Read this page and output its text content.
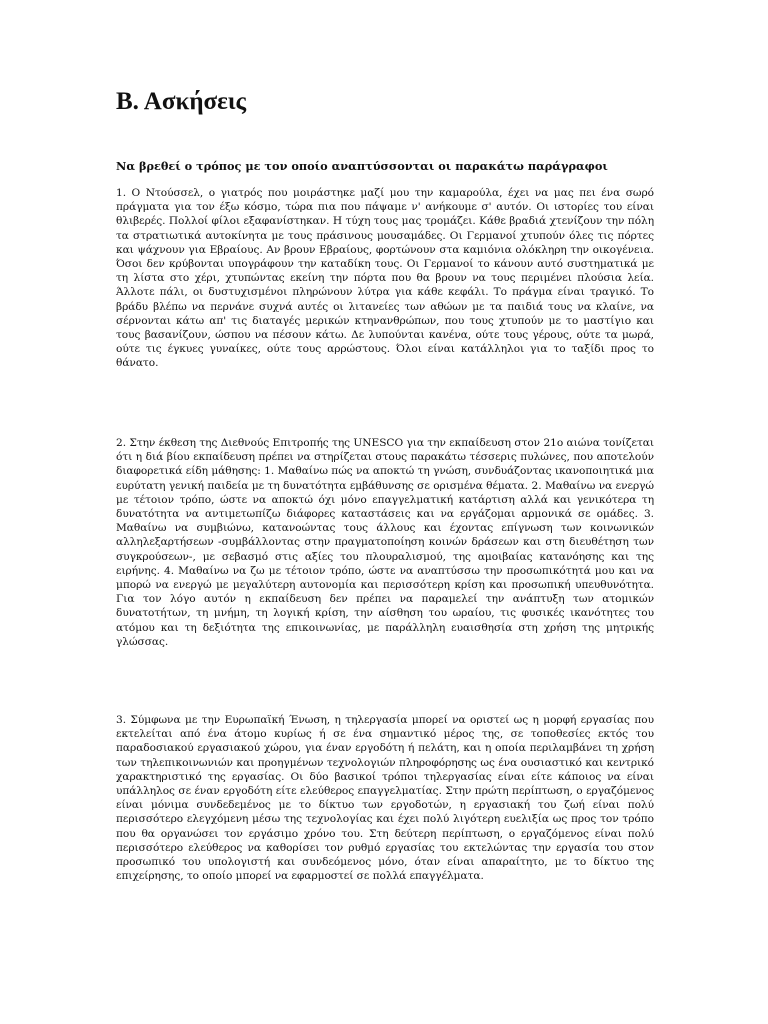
Β. Ασκήσεις

Να βρεθεί ο τρόπος με τον οποίο αναπτύσσονται οι παρακάτω παράγραφοι

1. Ο Ντούσσελ, ο γιατρός που μοιράστηκε μαζί μου την καμαρούλα, έχει να μας πει ένα σωρό πράγματα για τον έξω κόσμο, τώρα πια που πάψαμε ν' ανήκουμε σ' αυτόν. Οι ιστορίες του είναι θλιβερές. Πολλοί φίλοι εξαφανίστηκαν. Η τύχη τους μας τρομάζει. Κάθε βραδιά χτενίζουν την πόλη τα στρατιωτικά αυτοκίνητα με τους πράσινους μουσαμάδες. Οι Γερμανοί χτυπούν όλες τις πόρτες και ψάχνουν για Εβραίους. Αν βρουν Εβραίους, φορτώνουν στα καμιόνια ολόκληρη την οικογένεια. Όσοι δεν κρύβονται υπογράφουν την καταδίκη τους. Οι Γερμανοί το κάνουν αυτό συστηματικά με τη λίστα στο χέρι, χτυπώντας εκείνη την πόρτα που θα βρουν να τους περιμένει πλούσια λεία. Άλλοτε πάλι, οι δυστυχισμένοι πληρώνουν λύτρα για κάθε κεφάλι. Το πράγμα είναι τραγικό. Το βράδυ βλέπω να περνάνε συχνά αυτές οι λιτανείες των αθώων με τα παιδιά τους να κλαίνε, να σέρνονται κάτω απ' τις διαταγές μερικών κτηνανθρώπων, που τους χτυπούν με το μαστίγιο και τους βασανίζουν, ώσπου να πέσουν κάτω. Δε λυπούνται κανένα, ούτε τους γέρους, ούτε τα μωρά, ούτε τις έγκυες γυναίκες, ούτε τους αρρώστους. Όλοι είναι κατάλληλοι για το ταξίδι προς το θάνατο.

2. Στην έκθεση της Διεθνούς Επιτροπής της UNESCO για την εκπαίδευση στον 21ο αιώνα τονίζεται ότι η διά βίου εκπαίδευση πρέπει να στηρίζεται στους παρακάτω τέσσερις πυλώνες, που αποτελούν διαφορετικά είδη μάθησης: 1. Μαθαίνω πώς να αποκτώ τη γνώση, συνδυάζοντας ικανοποιητικά μια ευρύτατη γενική παιδεία με τη δυνατότητα εμβάθυνσης σε ορισμένα θέματα. 2. Μαθαίνω να ενεργώ με τέτοιον τρόπο, ώστε να αποκτώ όχι μόνο επαγγελματική κατάρτιση αλλά και γενικότερα τη δυνατότητα να αντιμετωπίζω διάφορες καταστάσεις και να εργάζομαι αρμονικά σε ομάδες. 3. Μαθαίνω να συμβιώνω, κατανοώντας τους άλλους και έχοντας επίγνωση των κοινωνικών αλληλεξαρτήσεων -συμβάλλοντας στην πραγματοποίηση κοινών δράσεων και στη διευθέτηση των συγκρούσεων-, με σεβασμό στις αξίες του πλουραλισμού, της αμοιβαίας κατανόησης και της ειρήνης. 4. Μαθαίνω να ζω με τέτοιον τρόπο, ώστε να αναπτύσσω την προσωπικότητά μου και να μπορώ να ενεργώ με μεγαλύτερη αυτονομία και περισσότερη κρίση και προσωπική υπευθυνότητα. Για τον λόγο αυτόν η εκπαίδευση δεν πρέπει να παραμελεί την ανάπτυξη των ατομικών δυνατοτήτων, τη μνήμη, τη λογική κρίση, την αίσθηση του ωραίου, τις φυσικές ικανότητες του ατόμου και τη δεξιότητα της επικοινωνίας, με παράλληλη ευαισθησία στη χρήση της μητρικής γλώσσας.

3. Σύμφωνα με την Ευρωπαϊκή Ένωση, η τηλεργασία μπορεί να οριστεί ως η μορφή εργασίας που εκτελείται από ένα άτομο κυρίως ή σε ένα σημαντικό μέρος της, σε τοποθεσίες εκτός του παραδοσιακού εργασιακού χώρου, για έναν εργοδότη ή πελάτη, και η οποία περιλαμβάνει τη χρήση των τηλεπικοινωνιών και προηγμένων τεχνολογιών πληροφόρησης ως ένα ουσιαστικό και κεντρικό χαρακτηριστικό της εργασίας. Οι δύο βασικοί τρόποι τηλεργασίας είναι είτε κάποιος να είναι υπάλληλος σε έναν εργοδότη είτε ελεύθερος επαγγελματίας. Στην πρώτη περίπτωση, ο εργαζόμενος είναι μόνιμα συνδεδεμένος με το δίκτυο των εργοδοτών, η εργασιακή του ζωή είναι πολύ περισσότερο ελεγχόμενη μέσω της τεχνολογίας και έχει πολύ λιγότερη ευελιξία ως προς τον τρόπο που θα οργανώσει τον εργάσιμο χρόνο του. Στη δεύτερη περίπτωση, ο εργαζόμενος είναι πολύ περισσότερο ελεύθερος να καθορίσει τον ρυθμό εργασίας του εκτελώντας την εργασία του στον προσωπικό του υπολογιστή και συνδεόμενος μόνο, όταν είναι απαραίτητο, με το δίκτυο της επιχείρησης, το οποίο μπορεί να εφαρμοστεί σε πολλά επαγγέλματα.
